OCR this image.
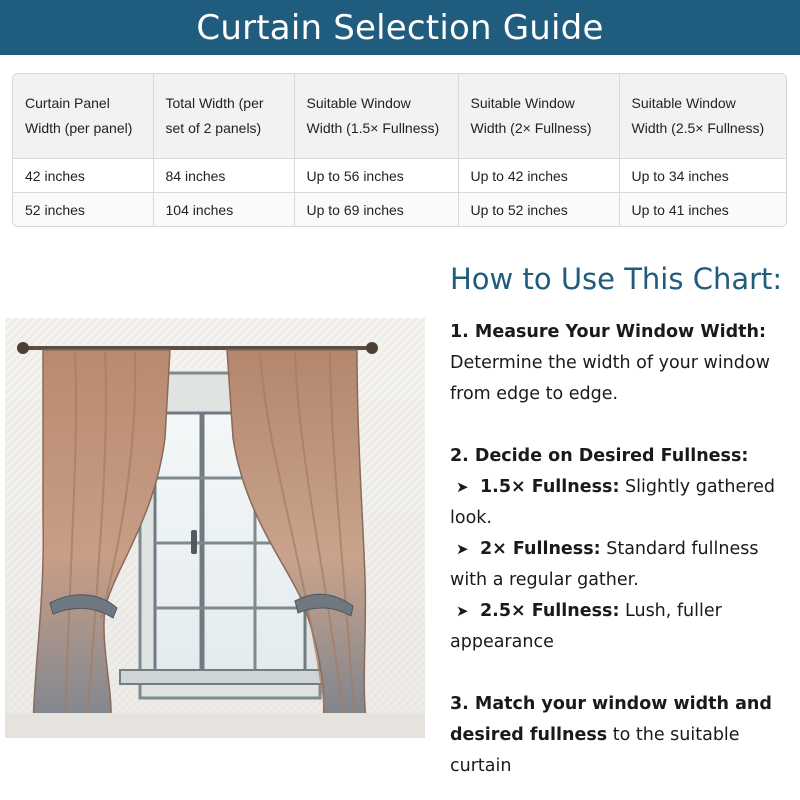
Curtain Selection Guide
Curtain Panel Width (per panel)	Total Width (per set of 2 panels)	Suitable Window Width (1.5× Fullness)	Suitable Window Width (2× Fullness)	Suitable Window Width (2.5× Fullness)
42 inches	84 inches	Up to 56 inches	Up to 42 inches	Up to 34 inches
52 inches	104 inches	Up to 69 inches	Up to 52 inches	Up to 41 inches
How to Use This Chart:

1. Measure Your Window Width:

Determine the width of your window from edge to edge.

2. Decide on Desired Fullness:

➤ 1.5× Fullness: Slightly gathered look.

➤ 2× Fullness: Standard fullness with a regular gather.

➤ 2.5× Fullness: Lush, fuller appearance

3. Match your window width and desired fullness to the suitable curtain
